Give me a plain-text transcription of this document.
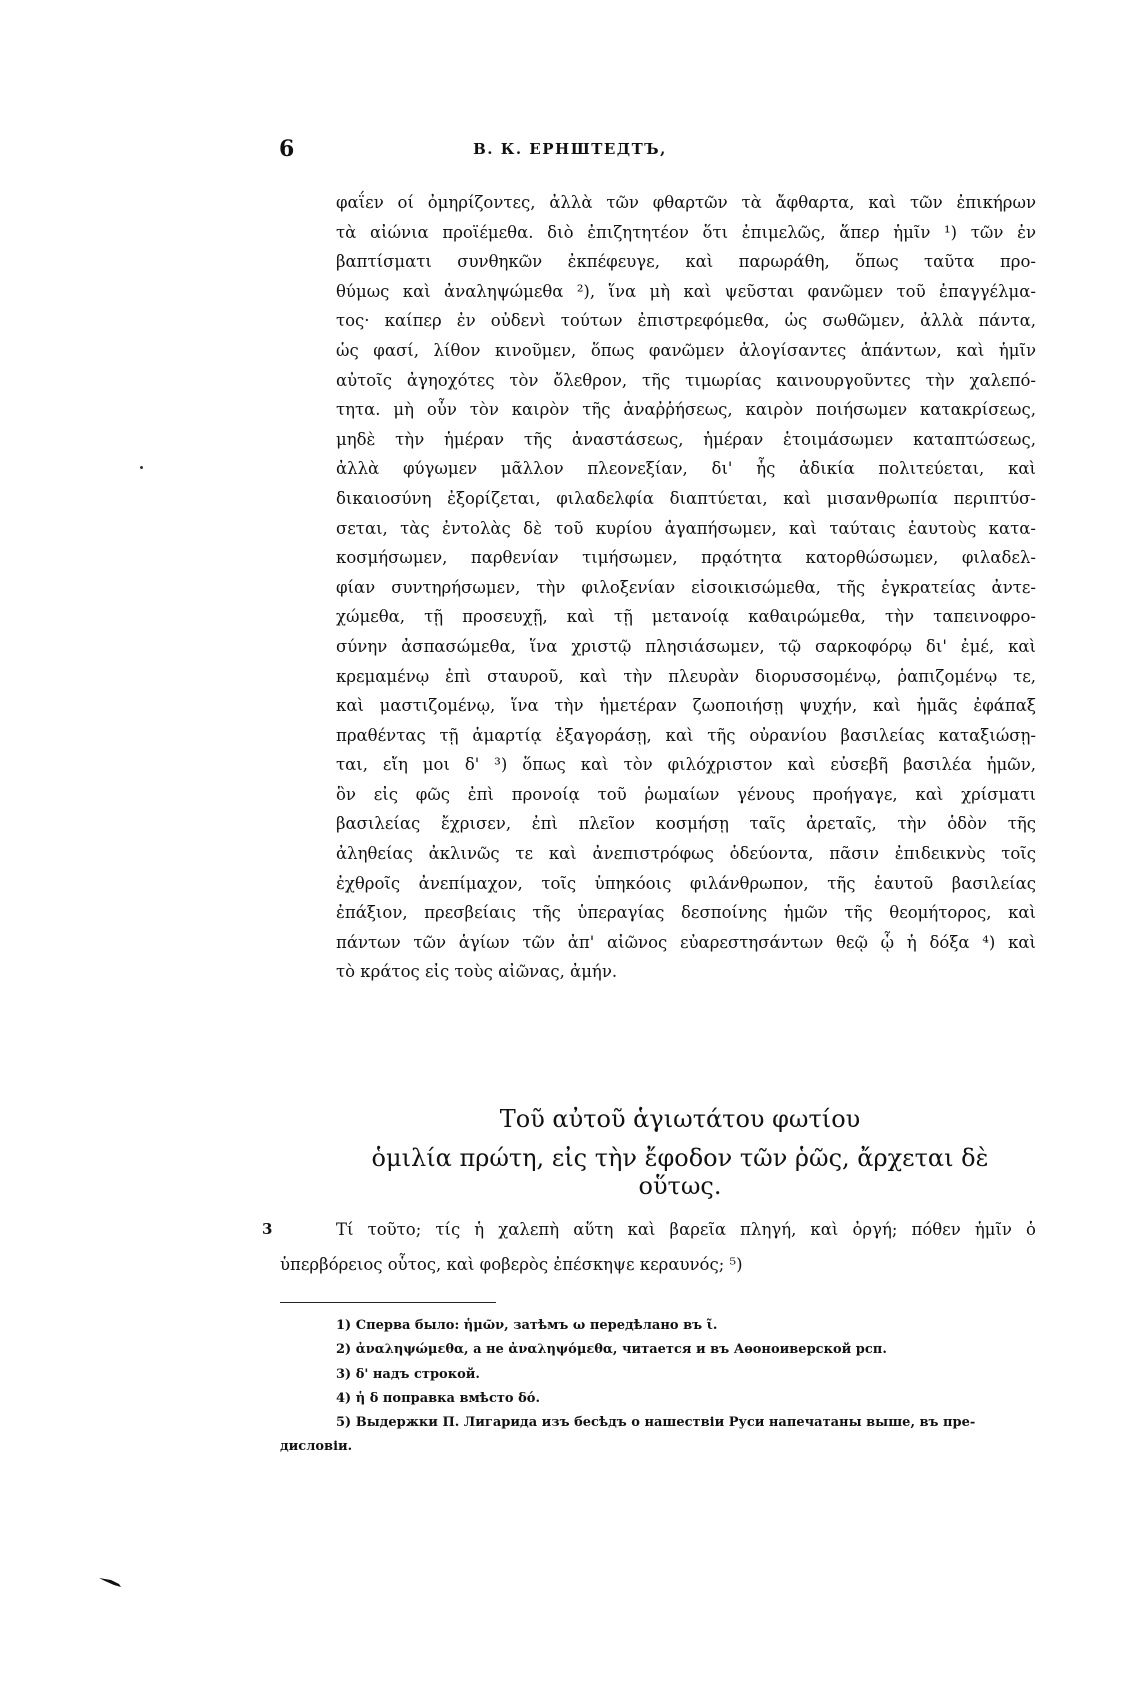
6	В. К. ЕРНШТЕДТЪ,
φαΐεν οί ὀμηρίζοντες, ἀλλὰ τῶν φθαρτῶν τὰ ἄφθαρτα, καὶ τῶν ἐπικήρων
τὰ αἰώνια προϊέμεθα. διὸ ἐπιζητητέον ὅτι ἐπιμελῶς, ἅπερ ἡμῖν ¹) τῶν ἐν
βαπτίσματι συνθηκῶν ἐκπέφευγε, καὶ παρωράθη, ὅπως ταῦτα προ-
θύμως καὶ ἀναληψώμεθα ²), ἵνα μὴ καὶ ψεῦσται φανῶμεν τοῦ ἐπαγγέλμα-
τος· καίπερ ἐν οὐδενὶ τούτων ἐπιστρεφόμεθα, ὡς σωθῶμεν, ἀλλὰ πάντα,
ὡς φασί, λίθον κινοῦμεν, ὅπως φανῶμεν ἀλογίσαντες ἁπάντων, καὶ ἡμῖν
αὐτοῖς ἀγηοχότες τὸν ὄλεθρον, τῆς τιμωρίας καινουργοῦντες τὴν χαλεπό-
τητα. μὴ οὖν τὸν καιρὸν τῆς ἀναῤῥήσεως, καιρὸν ποιήσωμεν κατακρίσεως,
μηδὲ τὴν ἡμέραν τῆς ἀναστάσεως, ἡμέραν ἑτοιμάσωμεν καταπτώσεως,
ἀλλὰ φύγωμεν μᾶλλον πλεονεξίαν, δι' ἧς ἀδικία πολιτεύεται, καὶ
δικαιοσύνη ἐξορίζεται, φιλαδελφία διαπτύεται, καὶ μισανθρωπία περιπτύσ-
σεται, τὰς ἐντολὰς δὲ τοῦ κυρίου ἀγαπήσωμεν, καὶ ταύταις ἑαυτοὺς κατα-
κοσμήσωμεν, παρθενίαν τιμήσωμεν, πρᾳότητα κατορθώσωμεν, φιλαδελ-
φίαν συντηρήσωμεν, τὴν φιλοξενίαν εἰσοικισώμεθα, τῆς ἐγκρατείας ἀντε-
χώμεθα, τῇ προσευχῇ, καὶ τῇ μετανοίᾳ καθαιρώμεθα, τὴν ταπεινοφρο-
σύνην ἀσπασώμεθα, ἵνα χριστῷ πλησιάσωμεν, τῷ σαρκοφόρῳ δι' ἐμέ, καὶ
κρεμαμένῳ ἐπὶ σταυροῦ, καὶ τὴν πλευρὰν διορυσσομένῳ, ῥαπιζομένῳ τε,
καὶ μαστιζομένῳ, ἵνα τὴν ἡμετέραν ζωοποιήσῃ ψυχήν, καὶ ἡμᾶς ἐφάπαξ
πραθέντας τῇ ἁμαρτίᾳ ἐξαγοράσῃ, καὶ τῆς οὐρανίου βασιλείας καταξιώσῃ-
ται, εἴη μοι δ' ³) ὅπως καὶ τὸν φιλόχριστον καὶ εὐσεβῆ βασιλέα ἡμῶν,
ὃν εἰς φῶς ἐπὶ προνοίᾳ τοῦ ῥωμαίων γένους προήγαγε, καὶ χρίσματι
βασιλείας ἔχρισεν, ἐπὶ πλεῖον κοσμήσῃ ταῖς ἀρεταῖς, τὴν ὁδὸν τῆς
ἀληθείας ἀκλινῶς τε καὶ ἀνεπιστρόφως ὁδεύοντα, πᾶσιν ἐπιδεικνὺς τοῖς
ἐχθροῖς ἀνεπίμαχον, τοῖς ὑπηκόοις φιλάνθρωπον, τῆς ἑαυτοῦ βασιλείας
ἐπάξιον, πρεσβείαις τῆς ὑπεραγίας δεσποίνης ἡμῶν τῆς θεομήτορος, καὶ
πάντων τῶν ἁγίων τῶν ἀπ' αἰῶνος εὐαρεστησάντων θεῷ ᾧ ἡ δόξα ⁴) καὶ
τὸ κράτος εἰς τοὺς αἰῶνας, ἀμήν.
Τοῦ αὐτοῦ ἁγιωτάτου φωτίου
ὁμιλία πρώτη, εἰς τὴν ἔφοδον τῶν ῥῶς, ἄρχεται δὲ οὕτως.
3	Τί τοῦτο; τίς ἡ χαλεπὴ αὕτη καὶ βαρεῖα πληγή, καὶ ὀργή; πόθεν ἡμῖν ὁ
ὑπερβόρειος οὗτος, καὶ φοβερὸς ἐπέσκηψε κεραυνός; ⁵)
1) Сперва было: ἡμῶν, затѣмъ ω передѣлано въ ῖ.
2) ἀναληψώμεθα, а не ἀναληψόμεθα, читается и въ Аѳоноиверской рсп.
3) δ' надъ строкой.
4) ἡ δ поправка вмѣсто δό.
5) Выдержки П. Лигарида изъ бесѣдъ о нашествіи Руси напечатаны выше, въ пре-
дисловіи.
